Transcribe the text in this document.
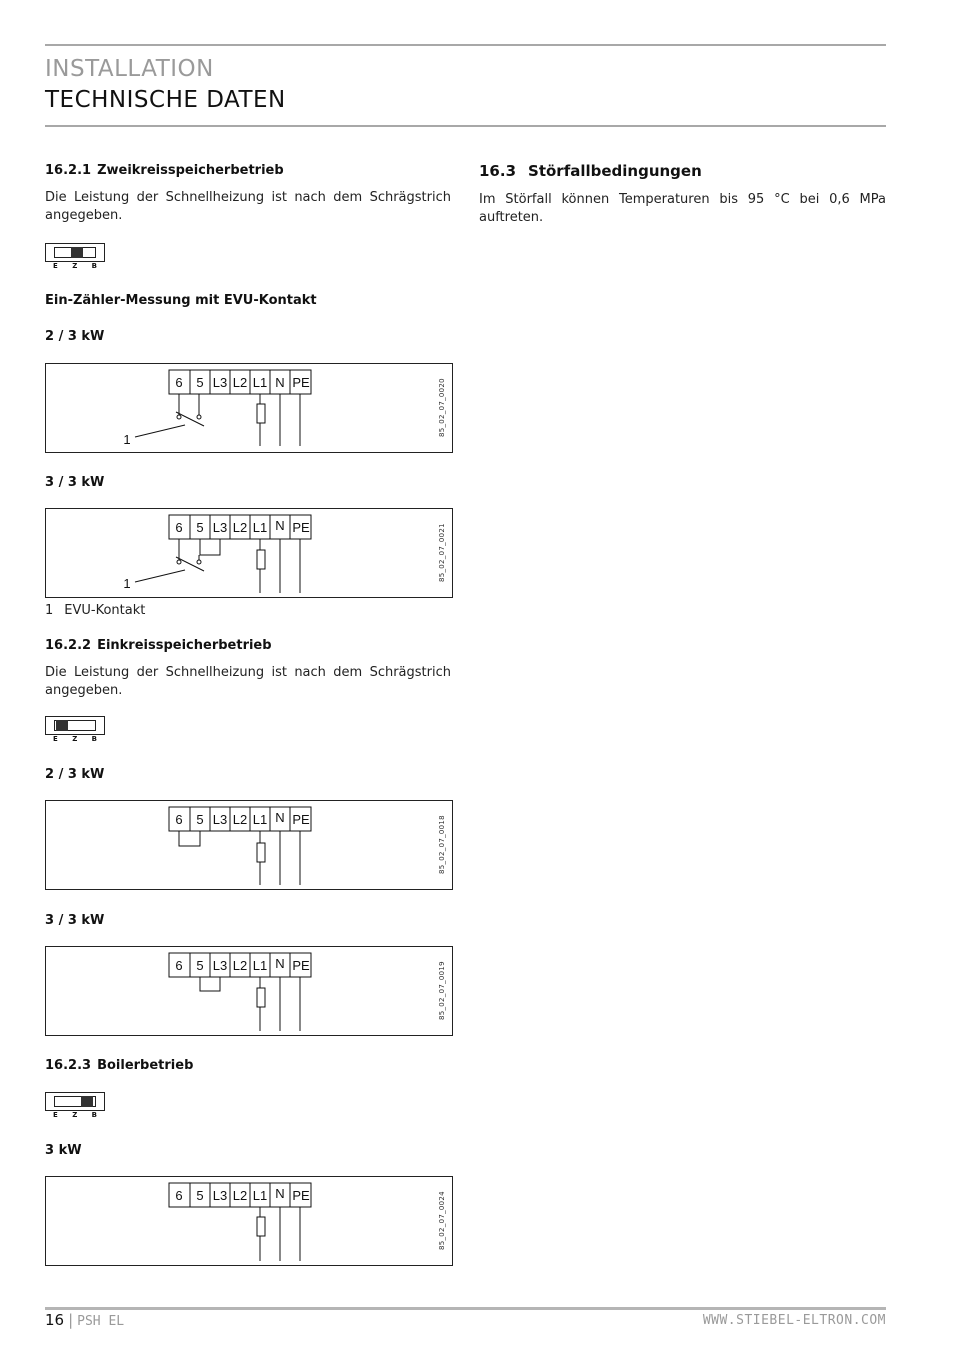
INSTALLATION
TECHNISCHE DATEN
16.2.1 Zweikreisspeicherbetrieb
Die Leistung der Schnellheizung ist nach dem Schrägstrich angegeben.
E Z B
Ein-Zähler-Messung mit EVU-Kontakt
2 / 3 kW
6 5 L3 L2 L1 N PE
1
85_02_07_0020
3 / 3 kW
6 5 L3 L2 L1 N PE
1
85_02_07_0021
1 EVU-Kontakt
16.2.2 Einkreisspeicherbetrieb
Die Leistung der Schnellheizung ist nach dem Schrägstrich angegeben.
E Z B
2 / 3 kW
6 5 L3 L2 L1 N PE	85_02_07_0018
3 / 3 kW
6 5 L3 L2 L1 N PE	85_02_07_0019
16.2.3 Boilerbetrieb
E Z B
3 kW
6 5 L3 L2 L1 N PE	85_02_07_0024
16.3 Störfallbedingungen
Im Störfall können Temperaturen bis 95 °C bei 0,6 MPa auftreten.
16 | PSH EL	WWW.STIEBEL-ELTRON.COM
